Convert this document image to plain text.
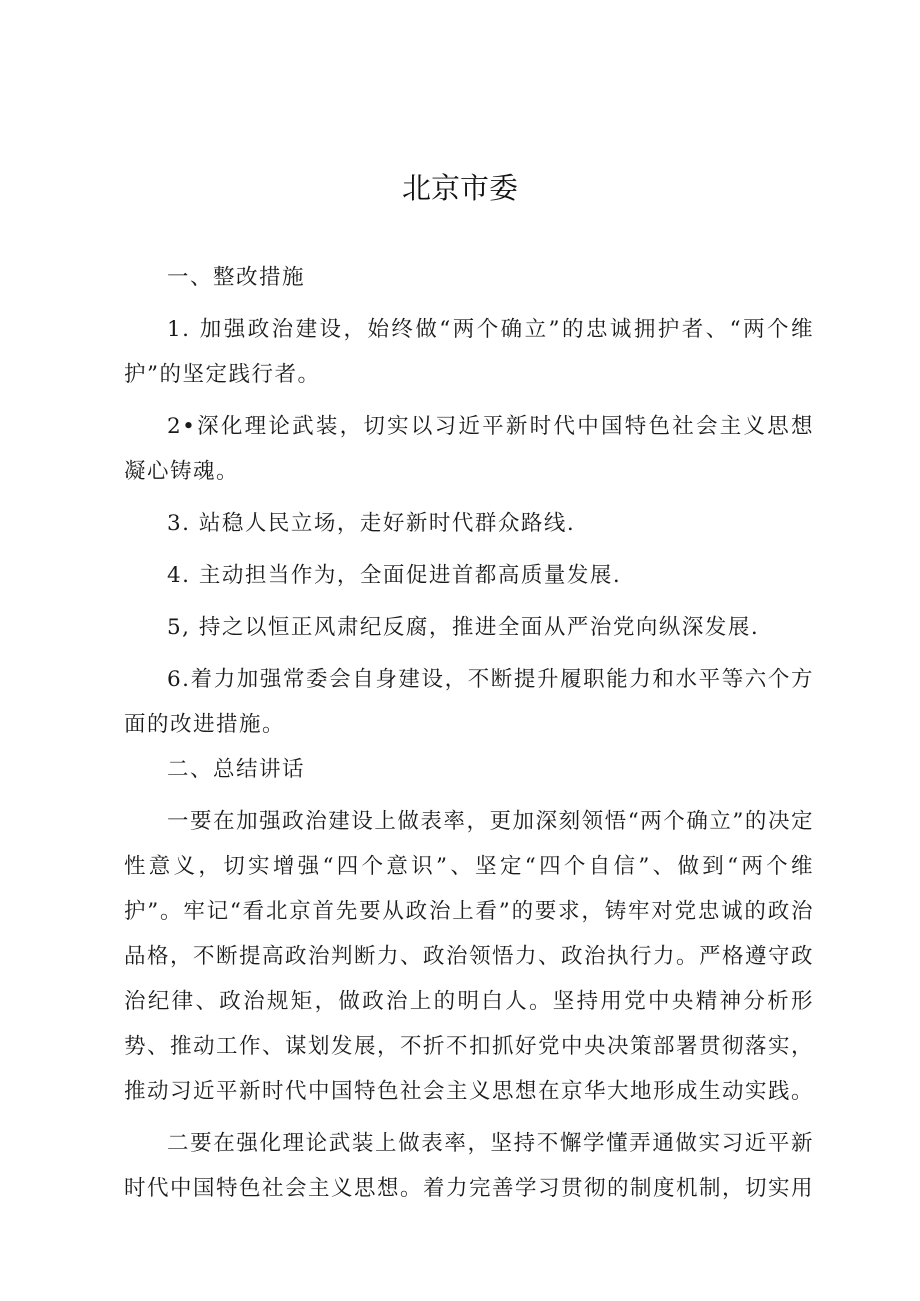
北京市委

一、整改措施

1. 加强政治建设，始终做“两个确立”的忠诚拥护者、“两个维护”的坚定践行者。

2•深化理论武装，切实以习近平新时代中国特色社会主义思想凝心铸魂。

3. 站稳人民立场，走好新时代群众路线.

4. 主动担当作为，全面促进首都高质量发展.

5, 持之以恒正风肃纪反腐，推进全面从严治党向纵深发展.

6.着力加强常委会自身建设，不断提升履职能力和水平等六个方面的改进措施。

二、总结讲话

一要在加强政治建设上做表率，更加深刻领悟“两个确立”的决定性意义，切实增强“四个意识”、坚定“四个自信”、做到“两个维护”。牢记“看北京首先要从政治上看”的要求，铸牢对党忠诚的政治品格，不断提高政治判断力、政治领悟力、政治执行力。严格遵守政治纪律、政治规矩，做政治上的明白人。坚持用党中央精神分析形势、推动工作、谋划发展，不折不扣抓好党中央决策部署贯彻落实，推动习近平新时代中国特色社会主义思想在京华大地形成生动实践。

二要在强化理论武装上做表率，坚持不懈学懂弄通做实习近平新时代中国特色社会主义思想。着力完善学习贯彻的制度机制，切实用
